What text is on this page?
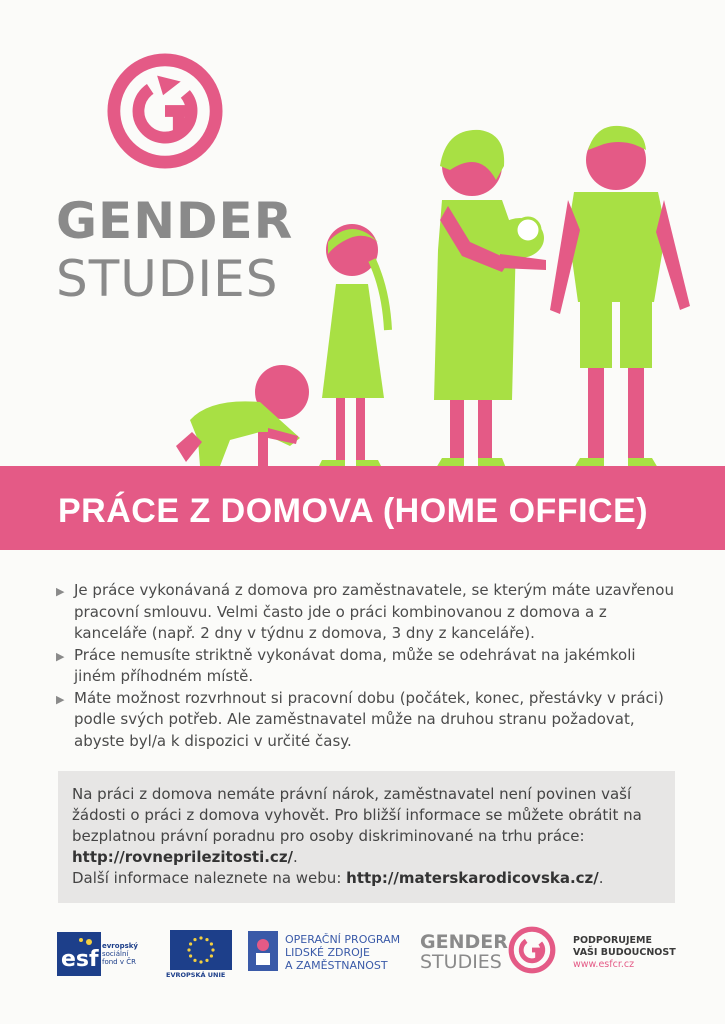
GENDER
STUDIES
PRÁCE Z DOMOVA (HOME OFFICE)
▶ Je práce vykonávaná z domova pro zaměstnavatele, se kterým máte uzavřenou pracovní smlouvu. Velmi často jde o práci kombinovanou z domova a z kanceláře (např. 2 dny v týdnu z domova, 3 dny z kanceláře).
▶ Práce nemusíte striktně vykonávat doma, může se odehrávat na jakémkoli jiném příhodném místě.
▶ Máte možnost rozvrhnout si pracovní dobu (počátek, konec, přestávky v práci) podle svých potřeb. Ale zaměstnavatel může na druhou stranu požadovat, abyste byl/a k dispozici v určité časy.
Na práci z domova nemáte právní nárok, zaměstnavatel není povinen vaší žádosti o práci z domova vyhovět. Pro bližší informace se můžete obrátit na bezplatnou právní poradnu pro osoby diskriminované na trhu práce: http://rovneprilezitosti.cz/.
Další informace naleznete na webu: http://materskarodicovska.cz/.
esf
evropský
sociální
fond v ČR
EVROPSKÁ UNIE
OPERAČNÍ PROGRAM
LIDSKÉ ZDROJE
A ZAMĚSTNANOST
GENDER
STUDIES
PODPORUJEME
VAŠI BUDOUCNOST
www.esfcr.cz
